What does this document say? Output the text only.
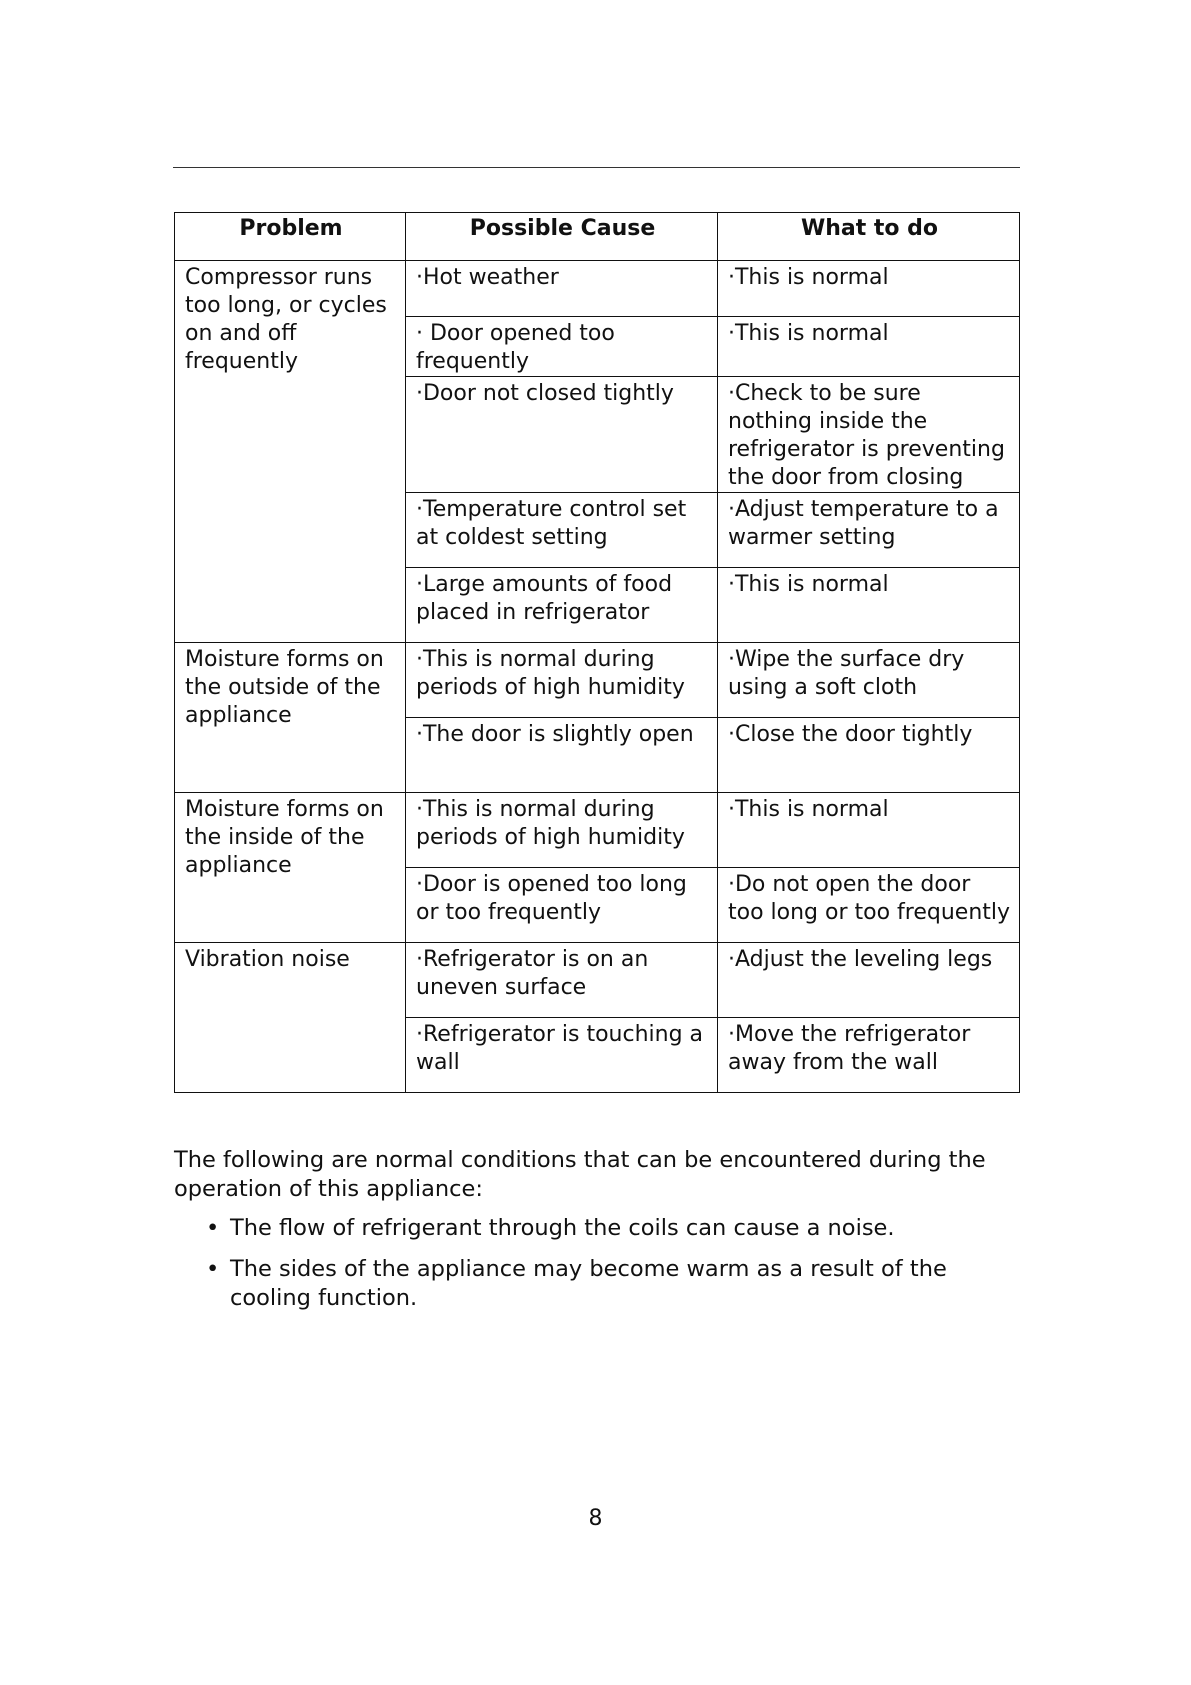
Problem	Possible Cause	What to do
Compressor runs too long, or cycles on and off frequently	·Hot weather	·This is normal
	· Door opened too frequently	·This is normal
	·Door not closed tightly	·Check to be sure nothing inside the refrigerator is preventing the door from closing
	·Temperature control set at coldest setting	·Adjust temperature to a warmer setting
	·Large amounts of food placed in refrigerator	·This is normal
Moisture forms on the outside of the appliance	·This is normal during periods of high humidity	·Wipe the surface dry using a soft cloth
	·The door is slightly open	·Close the door tightly
Moisture forms on the inside of the appliance	·This is normal during periods of high humidity	·This is normal
	·Door is opened too long or too frequently	·Do not open the door too long or too frequently
Vibration noise	·Refrigerator is on an uneven surface	·Adjust the leveling legs
	·Refrigerator is touching a wall	·Move the refrigerator away from the wall

The following are normal conditions that can be encountered during the operation of this appliance:

• The flow of refrigerant through the coils can cause a noise.
• The sides of the appliance may become warm as a result of the cooling function.
8
